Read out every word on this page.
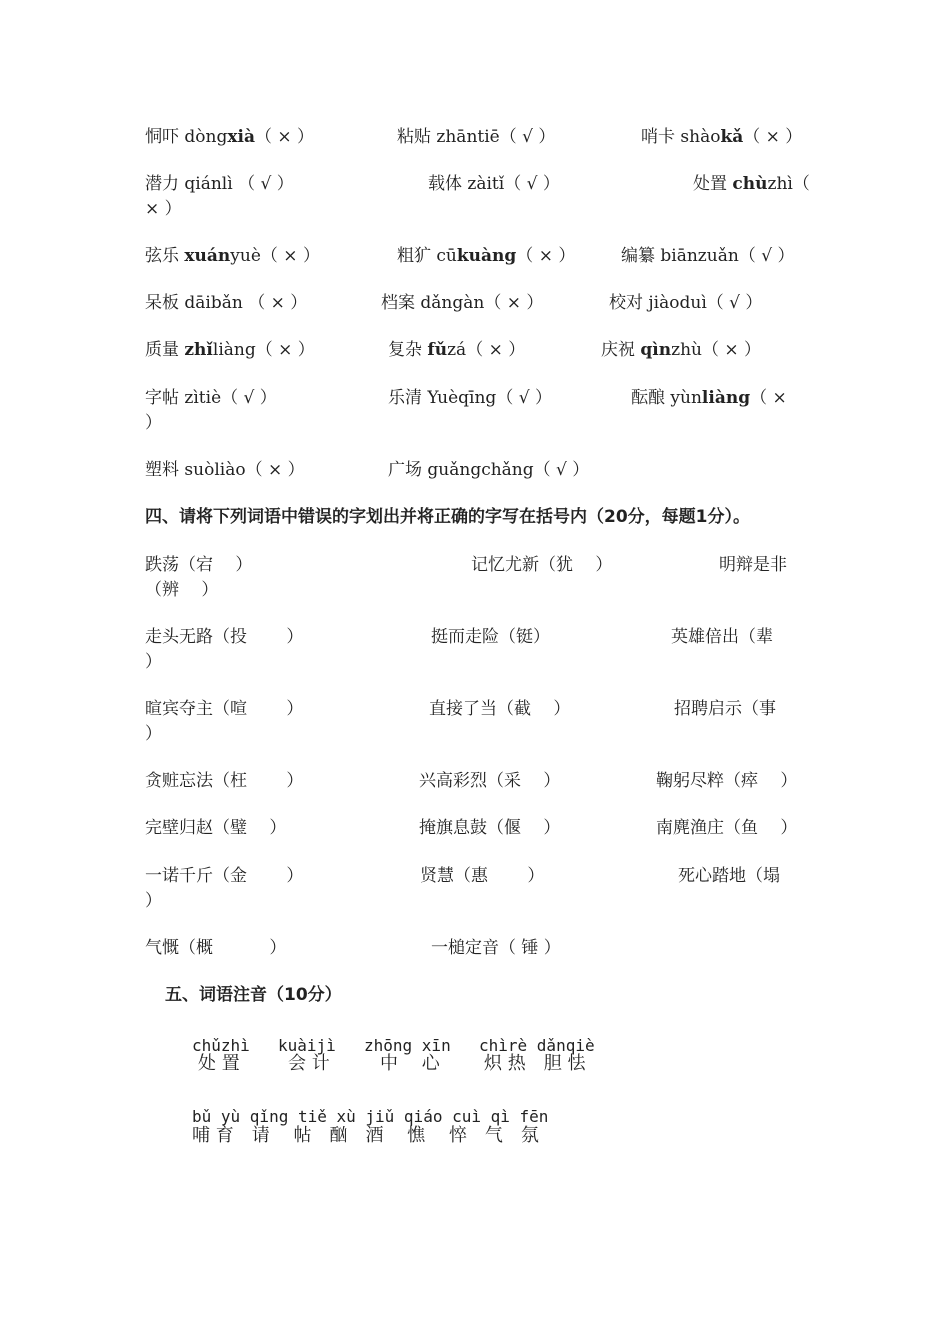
恫吓 dòngxià（ × ）	粘贴 zhāntiē（ √ ）	哨卡 shàokǎ（ × ）
潜力 qiánlì （ √ ）	载体 zàitǐ（ √ ）	处置 chùzhì（
× ）
弦乐 xuányuè（ × ）	粗犷 cūkuàng（ × ）	编纂 biānzuǎn（ √ ）
呆板 dāibǎn （ × ）	档案 dǎngàn（ × ）	校对 jiàoduì（ √ ）
质量 zhǐliàng（ × ）	复杂 fǔzá（ × ）	庆祝 qìnzhù（ × ）
字帖 zìtiè（ √ ）	乐清 Yuèqīng（ √ ）	酝酿 yùnliàng（ ×
）
塑料 suòliào（ × ）	广场 guǎngchǎng（ √ ）
四、请将下列词语中错误的字划出并将正确的字写在括号内（20分，每题1分）。
跌荡（宕　 ）	记忆尤新（犹　 ）	明辩是非
（辨　 ）
走头无路（投　　 ）	挺而走险（铤）	英雄倍出（辈
）
暄宾夺主（喧　　 ）	直接了当（截　 ）	招聘启示（事
）
贪赃忘法（枉　　 ）	兴高彩烈（采　 ）	鞠躬尽粹（瘁　 ）
完壁归赵（璧　 ）	掩旗息鼓（偃　 ）	南麂渔庄（鱼　 ）
一诺千斤（金　　 ）	贤慧（惠　　 ）	死心踏地（塌
）
气慨（概　　　 ）	一槌定音（ 锤 ）
五、词语注音（10分）
chǔzhì kuàijì zhōng xīn chìrè dǎnqiè
处 置	会 计	中　 心 炽 热　胆 怯
bǔ yù qǐng tiě xù jiǔ qiáo cuì qì fēn
哺 育　请　 帖　酗　酒　 憔　 悴　气　氛
